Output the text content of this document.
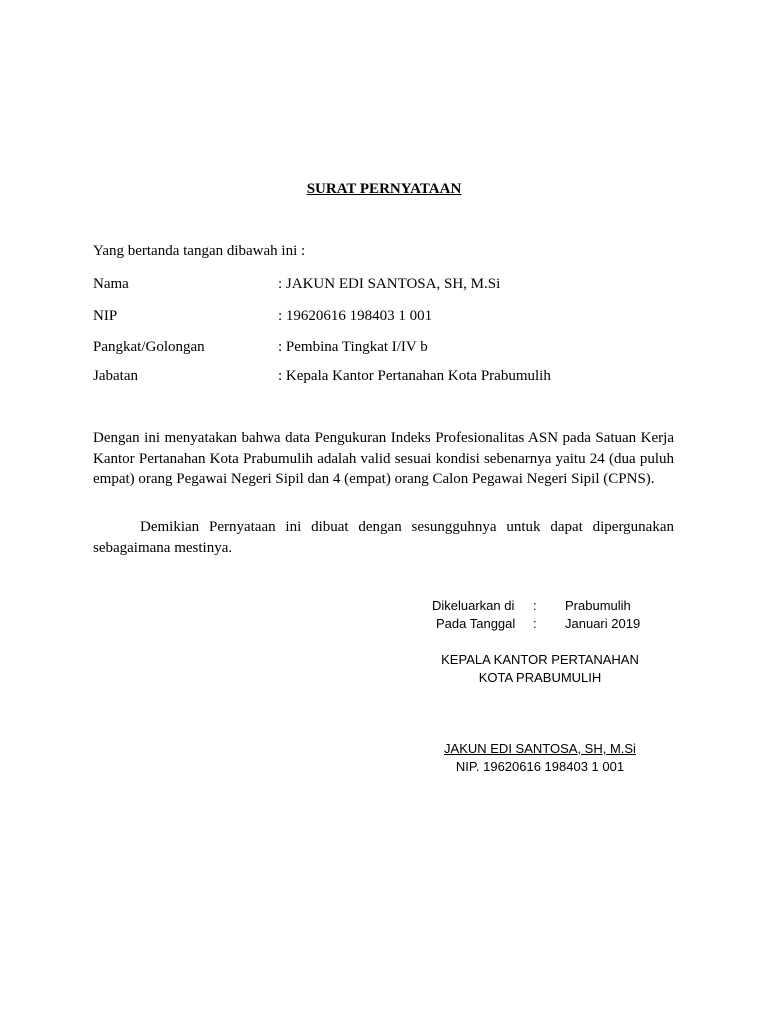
SURAT PERNYATAAN
Yang bertanda tangan dibawah ini :
Nama	: JAKUN EDI SANTOSA, SH, M.Si
NIP	: 19620616 198403 1 001
Pangkat/Golongan	: Pembina Tingkat I/IV b
Jabatan	: Kepala Kantor Pertanahan Kota Prabumulih
Dengan ini menyatakan bahwa data Pengukuran Indeks Profesionalitas ASN pada Satuan Kerja Kantor Pertanahan Kota Prabumulih adalah valid sesuai kondisi sebenarnya yaitu 24 (dua puluh empat) orang Pegawai Negeri Sipil dan 4 (empat) orang Calon Pegawai Negeri Sipil (CPNS).
Demikian Pernyataan ini dibuat dengan sesungguhnya untuk dapat dipergunakan sebagaimana mestinya.
Dikeluarkan di : Prabumulih
Pada Tanggal : Januari 2019

KEPALA KANTOR PERTANAHAN
KOTA PRABUMULIH
JAKUN EDI SANTOSA, SH, M.Si
NIP. 19620616 198403 1 001
